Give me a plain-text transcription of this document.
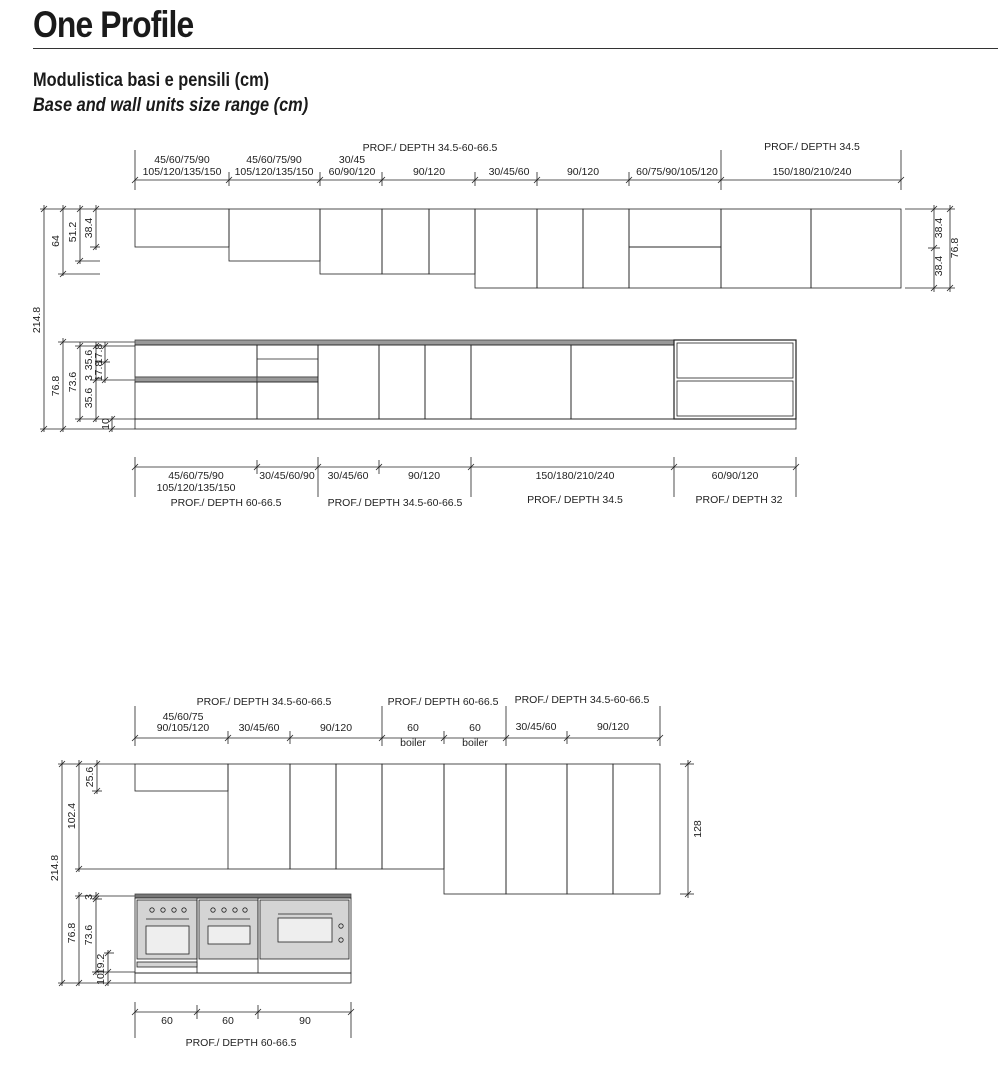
One Profile
Modulistica basi e pensili (cm)
Base and wall units size range (cm)
PROF./ DEPTH 34.5-60-66.5	PROF./ DEPTH 34.5
45/60/75/90
105/120/135/150
45/60/75/90
105/120/135/150
30/45
60/90/120	90/120	30/45/60	90/120	60/75/90/105/120	150/180/210/240
214.8
64 51.2 38.4	38.4
38.4
76.8
76.8 73.6
35.6
3
35.6
17.8
17.8
10
45/60/75/90
105/120/135/150
30/45/60/90 30/45/60	90/120	150/180/210/240	60/90/120
PROF./ DEPTH 60-66.5	PROF./ DEPTH 34.5-60-66.5	PROF./ DEPTH 34.5	PROF./ DEPTH 32
PROF./ DEPTH 34.5-60-66.5	PROF./ DEPTH 60-66.5 PROF./ DEPTH 34.5-60-66.5
45/60/75
90/105/120	30/45/60	90/120	60
boiler
60
boiler
30/45/60	90/120
214.8
102.4
25.6
128
76.8 73.6
3
19.2
10
60	60	90
PROF./ DEPTH 60-66.5
